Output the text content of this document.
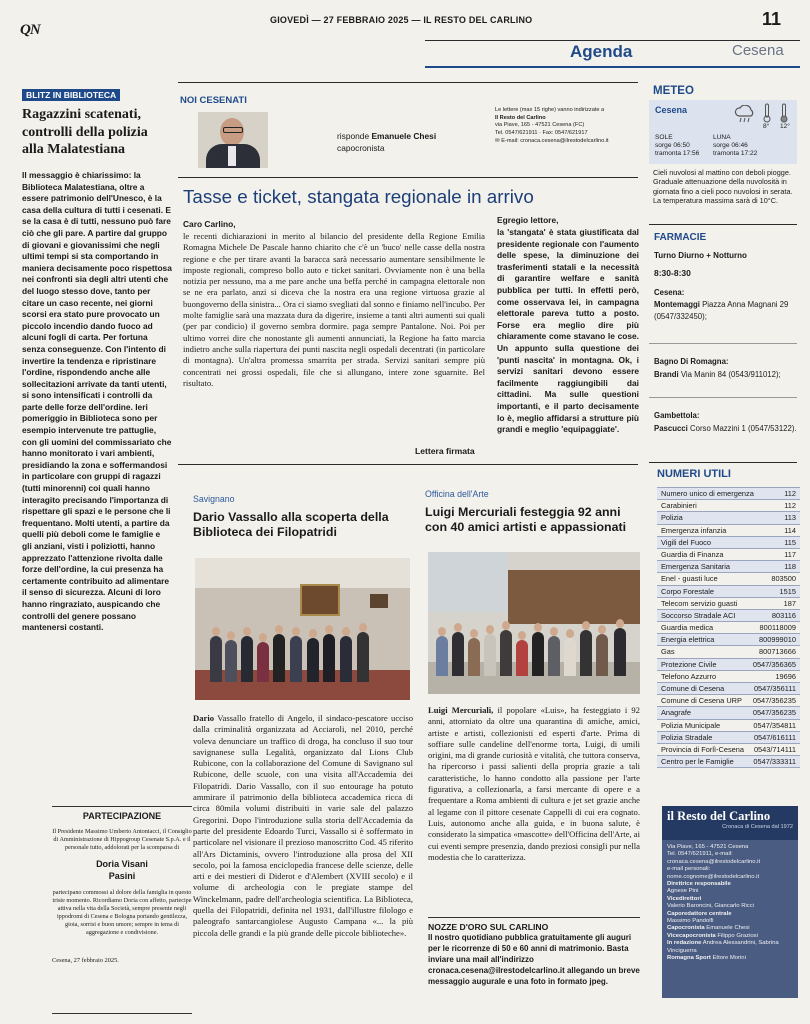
QN
GIOVEDÌ — 27 FEBBRAIO 2025 — IL RESTO DEL CARLINO	11
Agenda	Cesena
BLITZ IN BIBLIOTECA
Ragazzini scatenati, controlli della polizia alla Malatestiana
Il messaggio è chiarissimo: la Biblioteca Malatestiana, oltre a essere patrimonio dell'Unesco, è la casa della cultura di tutti i cesenati. E se la casa è di tutti, nessuno può fare ciò che gli pare. A partire dal gruppo di giovani e giovanissimi che negli ultimi tempi si sta comportando in maniera decisamente poco rispettosa nei confronti sia degli altri utenti che del luogo stesso dove, tanto per citare un caso recente, nei giorni scorsi era stato pure provocato un piccolo incendio dando fuoco ad alcuni fogli di carta. Per fortuna senza conseguenze. Con l'intento di invertire la tendenza e ripristinare l'ordine, rispondendo anche alle sollecitazioni arrivate da tanti utenti, si sono intensificati i controlli da parte delle forze dell'ordine. Ieri pomeriggio in Biblioteca sono per esempio intervenute tre pattuglie, con gli uomini del commissariato che hanno monitorato i vari ambienti, presidiando la zona e soffermandosi in particolare con gruppi di ragazzi (tutti minorenni) coi quali hanno interagito precisando l'importanza di rispettare gli spazi e le persone che li frequentano. Molti utenti, a partire da quelli più deboli come le famiglie e gli anziani, visti i poliziotti, hanno apprezzato l'attenzione rivolta dalle forze dell'ordine, la cui presenza ha certamente contribuito ad alimentare il senso di sicurezza. Alcuni di loro hanno ringraziato, auspicando che controlli del genere possano mantenersi costanti.
PARTECIPAZIONE
Il Presidente Massimo Umberto Antoniacci, il Consiglio di Amministrazione di Hippogroup Cesenate S.p.A. e il personale tutto, addolorati per la scomparsa di
Doria Visani Pasini
partecipano commossi al dolore della famiglia in questo triste momento. Ricordiamo Doria con affetto, partecipe attiva nella vita della Società, sempre presente negli ippodromi di Cesena e Bologna portando gentilezza, gioia, sorrisi e buon umore; sempre in tema di aggregazione e condivisione.
Cesena, 27 febbraio 2025.
NOI CESENATI
risponde Emanuele Chesi
capocronista
Le lettere (max 15 righe) vanno indirizzate a
Il Resto del Carlino
via Piave, 165 - 47521 Cesena (FC)
Tel. 0547/621911 · Fax: 0547/621917
✉ E-mail: cronaca.cesena@ilrestodelcarlino.it
Tasse e ticket, stangata regionale in arrivo
Caro Carlino,
le recenti dichiarazioni in merito al bilancio del presidente della Regione Emilia Romagna Michele De Pascale hanno chiarito che c'è un 'buco' nelle casse della nostra regione e che per tirare avanti la baracca sarà necessario aumentare sensibilmente le imposte regionali, compreso bollo auto e ticket sanitari. Ovviamente non è una bella notizia per nessuno, ma a me pare anche una beffa perché in campagna elettorale non se ne era parlato, anzi si diceva che la nostra era una regione virtuosa grazie al buongoverno della sinistra... Ora ci siamo svegliati dal sonno e finiamo nell'incubo. Per molte famiglie sarà una mazzata dura da digerire, insieme a tanti altri aumenti sui quali (per par condicio) il governo sembra dormire. paga sempre Pantalone. Noi. Poi per ultimo vorrei dire che nonostante gli aumenti annunciati, la Regione ha fatto marcia indietro anche sulla riapertura dei punti nascita negli ospedali decentrati (in particolare di montagna). Un'altra promessa smarrita per strada. Servizi sanitari sempre più concentrati nei grossi ospedali, file che si allungano, intere zone sguarnite. Bel risultato.
Lettera firmata
Egregio lettore,
la 'stangata' è stata giustificata dal presidente regionale con l'aumento delle spese, la diminuzione dei trasferimenti statali e la necessità di garantire welfare e sanità pubblica per tutti. In effetti però, come osservava lei, in campagna elettorale pareva tutto a posto. Forse era meglio dire più chiaramente come stavano le cose. Un appunto sulla questione dei 'punti nascita' in montagna. Ok, i servizi sanitari devono essere facilmente raggiungibili dai cittadini. Ma sulle questioni importanti, e il parto decisamente lo è, meglio affidarsi a strutture più grandi e meglio 'equipaggiate'.
Savignano
Dario Vassallo alla scoperta della Biblioteca dei Filopatridi
Dario Vassallo fratello di Angelo, il sindaco-pescatore ucciso dalla criminalità organizzata ad Acciaroli, nel 2010, perché voleva denunciare un traffico di droga, ha concluso il suo tour savignanese sulla Legalità, organizzato dal Lions Club Rubicone, con la collaborazione del Comune di Savignano sul Rubicone, delle scuole, con una visita all'Accademia dei Filopatridi. Dario Vassallo, con il suo entourage ha potuto ammirare il patrimonio della biblioteca accademica ricca di circa 80mila volumi distribuiti in varie sale del palazzo Gregorini. Dopo l'introduzione sulla storia dell'Accademia da parte del presidente Edoardo Turci, Vassallo si è soffermato in particolare nel visionare il prezioso manoscritto Cod. 45 riferito all'Ars Dictaminis, ovvero l'introduzione alla prosa del XII secolo, poi la famosa enciclopedia francese delle scienze, delle arti e dei mestieri di Diderot e d'Alembert (XVIII secolo) e il volume di archeologia con le pregiate stampe del Winckelmann, padre dell'archeologia scientifica. La Biblioteca, quella dei Filopatridi, definita nel 1931, dall'illustre filologo e paleografo santarcangiolese Augusto Campana «... la più piccola delle grandi e la più grande delle piccole biblioteche».
Officina dell'Arte
Luigi Mercuriali festeggia 92 anni con 40 amici artisti e appassionati
Luigi Mercuriali, il popolare «Luis», ha festeggiato i 92 anni, attorniato da oltre una quarantina di amiche, amici, artiste e artisti, collezionisti ed esperti d'arte. Prima di soffiare sulle candeline dell'enorme torta, Luigi, di umili origini, ma di grande curiosità e vitalità, che tuttora conserva, ha ripercorso i passi salienti della propria grazie a tali caratteristiche, lo hanno condotto alla passione per l'arte figurativa, a collezionarla, a farsi mercante di opere e a frequentare a Roma ambienti di cultura e jet set grazie anche al legame con il pittore cesenate Cappelli di cui era cognato. Luis, autonomo anche alla guida, e in buona salute, è considerato la simpatica «mascotte» dell'Officina dell'Arte, ai cui eventi sempre presenzia, dando preziosi consigli pur nella modestia che lo caratterizza.
NOZZE D'ORO SUL CARLINO
Il nostro quotidiano pubblica gratuitamente gli auguri per le ricorrenze di 50 e 60 anni di matrimonio. Basta inviare una mail all'indirizzo cronaca.cesena@ilrestodelcarlino.it allegando un breve messaggio augurale e una foto in formato jpeg.
METEO
Cesena
8° 12°
SOLE
sorge 06:50
tramonta 17:56
LUNA
sorge 06:46
tramonta 17:22
Cieli nuvolosi al mattino con deboli piogge. Graduale attenuazione della nuvolosità in giornata fino a cieli poco nuvolosi in serata. La temperatura massima sarà di 10°C.
FARMACIE
Turno Diurno + Notturno
8:30-8:30
Cesena:
Montemaggi Piazza Anna Magnani 29 (0547/332450);
Bagno Di Romagna:
Brandi Via Manin 84 (0543/911012);
Gambettola:
Pascucci Corso Mazzini 1 (0547/53122).
NUMERI UTILI
Numero unico di emergenza	112
Carabinieri	112
Polizia	113
Emergenza infanzia	114
Vigili del Fuoco	115
Guardia di Finanza	117
Emergenza Sanitaria	118
Enel - guasti luce	803500
Corpo Forestale	1515
Telecom servizio guasti	187
Soccorso Stradale ACI	803116
Guardia medica	800118009
Energia elettrica	800999010
Gas	800713666
Protezione Civile	0547/356365
Telefono Azzurro	19696
Comune di Cesena	0547/356111
Comune di Cesena URP 0547/356235
Anagrafe	0547/356235
Polizia Municipale	0547/354811
Polizia Stradale	0547/616111
Provincia di Forlì-Cesena 0543/714111
Centro per le Famiglie	0547/333311
il Resto del Carlino
Cronaca di Cesena dal 1972
Via Piave, 165 - 47521 Cesena
Tel. 0547/621911, e-mail:
cronaca.cesena@ilrestodelcarlino.it
e-mail personali:
nome.cognome@ilrestodelcarlino.it
Direttrice responsabile
Agnese Pini
Vicedirettori
Valerio Baroncini, Giancarlo Ricci
Caporedattore centrale
Massimo Pandolfi
Capocronista Emanuele Chesi
Vicecapocronista Filippo Graziosi
In redazione Andrea Alessandrini, Sabrina Vinciguerra
Romagna Sport Ettore Morini
